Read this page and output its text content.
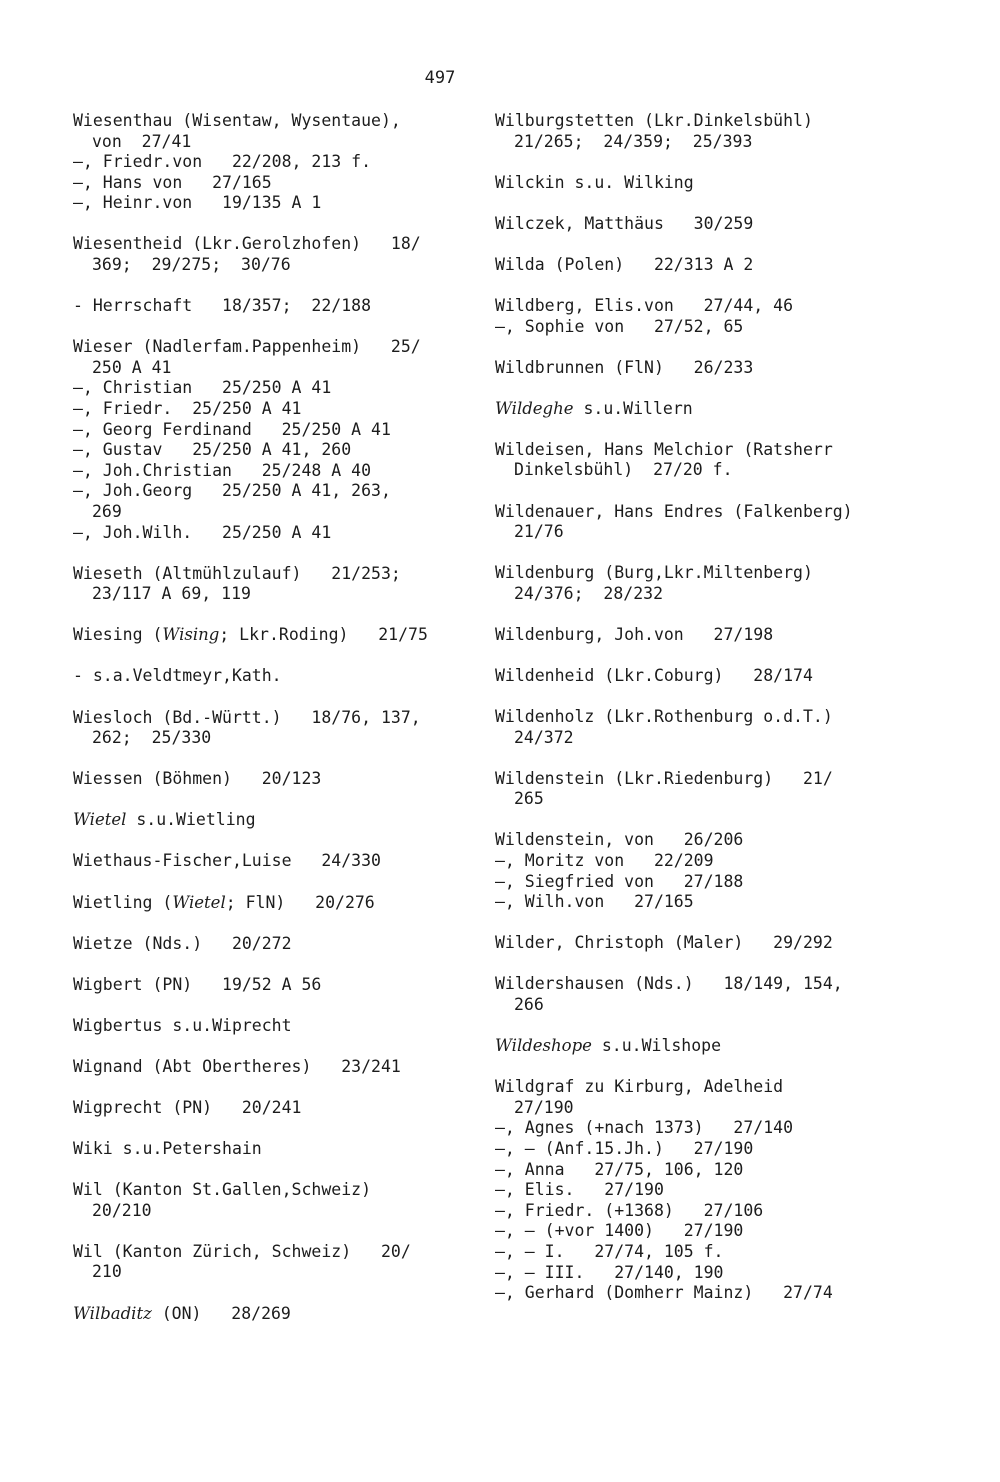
497
Wiesenthau (Wisentaw, Wysentaue),
von  27/41
—, Friedr.von   22/208, 213 f.
—, Hans von   27/165
—, Heinr.von   19/135 A 1
Wiesentheid (Lkr.Gerolzhofen)   18/
369;  29/275;  30/76
- Herrschaft   18/357;  22/188
Wieser (Nadlerfam.Pappenheim)   25/
250 A 41
—, Christian   25/250 A 41
—, Friedr.  25/250 A 41
—, Georg Ferdinand   25/250 A 41
—, Gustav   25/250 A 41, 260
—, Joh.Christian   25/248 A 40
—, Joh.Georg   25/250 A 41, 263,
269
—, Joh.Wilh.   25/250 A 41
Wieseth (Altmühlzulauf)   21/253;
23/117 A 69, 119
Wiesing (Wising; Lkr.Roding)   21/75
- s.a.Veldtmeyr,Kath.
Wiesloch (Bd.-Württ.)   18/76, 137,
262;  25/330
Wiessen (Böhmen)   20/123
Wietel s.u.Wietling
Wiethaus-Fischer,Luise   24/330
Wietling (Wietel; FlN)   20/276
Wietze (Nds.)   20/272
Wigbert (PN)   19/52 A 56
Wigbertus s.u.Wiprecht
Wignand (Abt Obertheres)   23/241
Wigprecht (PN)   20/241
Wiki s.u.Petershain
Wil (Kanton St.Gallen,Schweiz)
20/210
Wil (Kanton Zürich, Schweiz)   20/
210
Wilbaditz (ON)   28/269
Wilburgstetten (Lkr.Dinkelsbühl)
21/265;  24/359;  25/393
Wilckin s.u. Wilking
Wilczek, Matthäus   30/259
Wilda (Polen)   22/313 A 2
Wildberg, Elis.von   27/44, 46
—, Sophie von   27/52, 65
Wildbrunnen (FlN)   26/233
Wildeghe s.u.Willern
Wildeisen, Hans Melchior (Ratsherr
Dinkelsbühl)  27/20 f.
Wildenauer, Hans Endres (Falkenberg)
21/76
Wildenburg (Burg,Lkr.Miltenberg)
24/376;  28/232
Wildenburg, Joh.von   27/198
Wildenheid (Lkr.Coburg)   28/174
Wildenholz (Lkr.Rothenburg o.d.T.)
24/372
Wildenstein (Lkr.Riedenburg)   21/
265
Wildenstein, von   26/206
—, Moritz von   22/209
—, Siegfried von   27/188
—, Wilh.von   27/165
Wilder, Christoph (Maler)   29/292
Wildershausen (Nds.)   18/149, 154,
266
Wildeshope s.u.Wilshope
Wildgraf zu Kirburg, Adelheid
27/190
—, Agnes (+nach 1373)   27/140
—, — (Anf.15.Jh.)   27/190
—, Anna   27/75, 106, 120
—, Elis.   27/190
—, Friedr. (+1368)   27/106
—, — (+vor 1400)   27/190
—, — I.   27/74, 105 f.
—, — III.   27/140, 190
—, Gerhard (Domherr Mainz)   27/74
